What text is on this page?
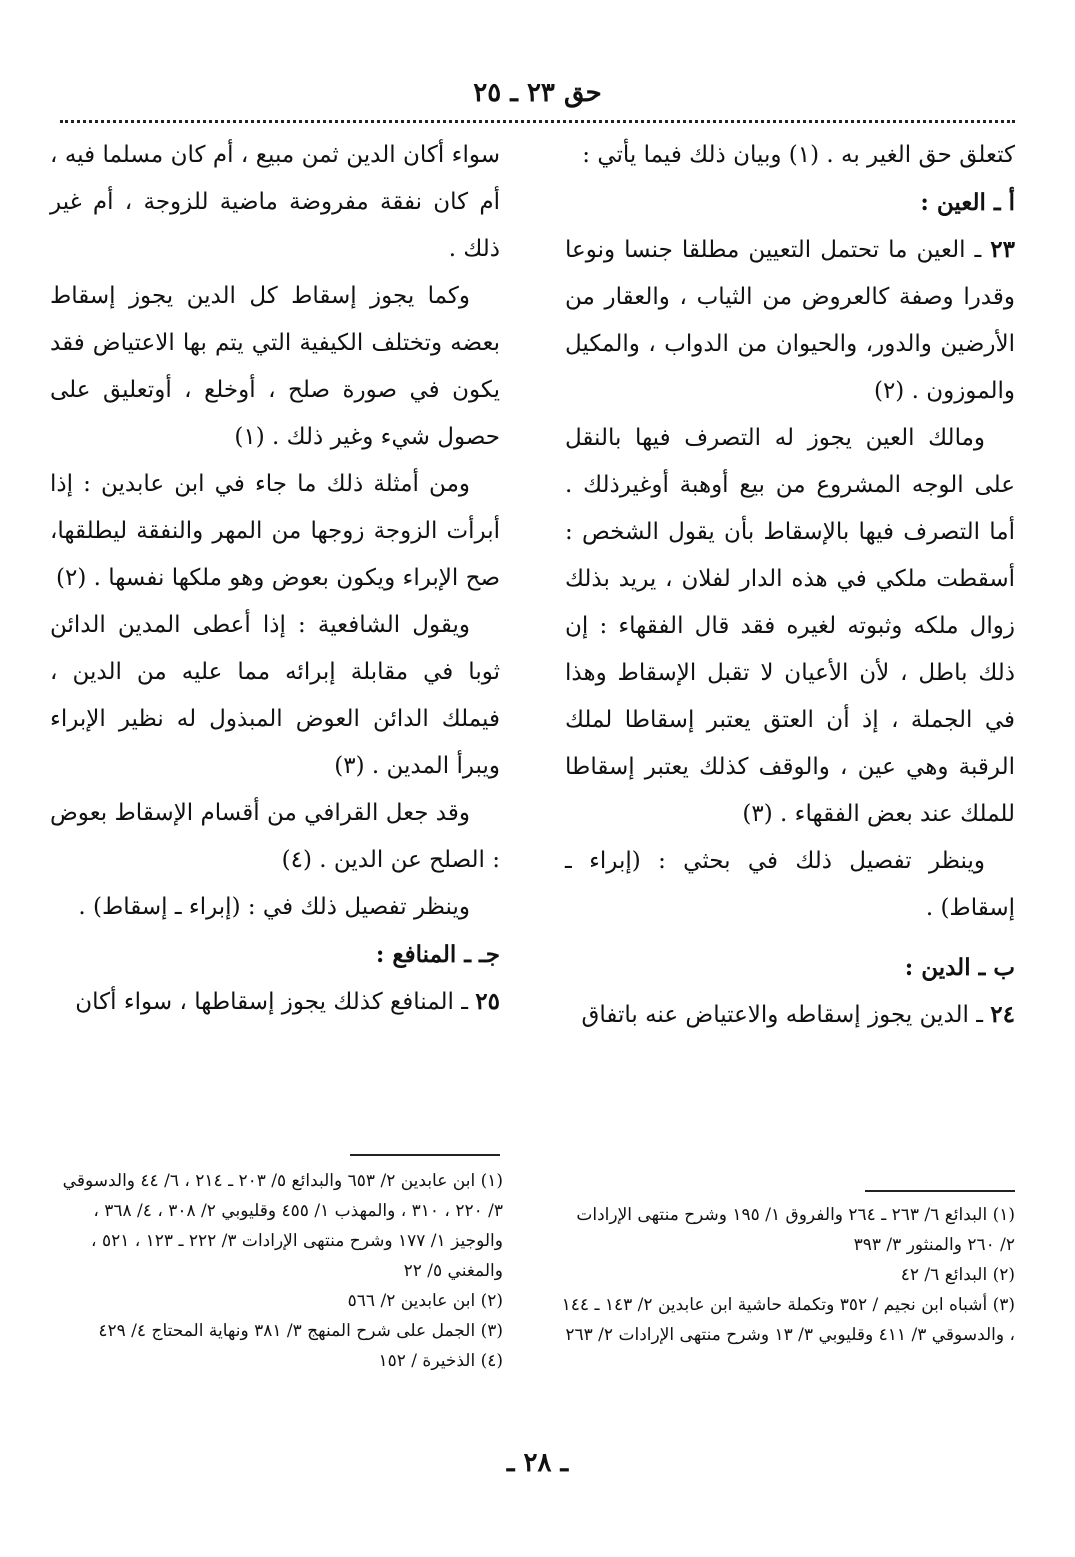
حق ٢٣ ـ ٢٥

كتعلق حق الغير به . (١) وبيان ذلك فيما يأتي :

أ ـ العين :

٢٣ ـ العين ما تحتمل التعيين مطلقا جنسا ونوعا وقدرا وصفة كالعروض من الثياب ، والعقار من الأرضين والدور، والحيوان من الدواب ، والمكيل والموزون . (٢)

ومالك العين يجوز له التصرف فيها بالنقل على الوجه المشروع من بيع أوهبة أوغيرذلك . أما التصرف فيها بالإسقاط بأن يقول الشخص : أسقطت ملكي في هذه الدار لفلان ، يريد بذلك زوال ملكه وثبوته لغيره فقد قال الفقهاء : إن ذلك باطل ، لأن الأعيان لا تقبل الإسقاط وهذا في الجملة ، إذ أن العتق يعتبر إسقاطا لملك الرقبة وهي عين ، والوقف كذلك يعتبر إسقاطا للملك عند بعض الفقهاء . (٣)

وينظر تفصيل ذلك في بحثي : (إبراء ـ إسقاط) .

ب ـ الدين :

٢٤ ـ الدين يجوز إسقاطه والاعتياض عنه باتفاق

سواء أكان الدين ثمن مبيع ، أم كان مسلما فيه ، أم كان نفقة مفروضة ماضية للزوجة ، أم غير ذلك .

وكما يجوز إسقاط كل الدين يجوز إسقاط بعضه وتختلف الكيفية التي يتم بها الاعتياض فقد يكون في صورة صلح ، أوخلع ، أوتعليق على حصول شيء وغير ذلك . (١)

ومن أمثلة ذلك ما جاء في ابن عابدين : إذا أبرأت الزوجة زوجها من المهر والنفقة ليطلقها، صح الإبراء ويكون بعوض وهو ملكها نفسها . (٢)

ويقول الشافعية : إذا أعطى المدين الدائن ثوبا في مقابلة إبرائه مما عليه من الدين ، فيملك الدائن العوض المبذول له نظير الإبراء ويبرأ المدين . (٣)

وقد جعل القرافي من أقسام الإسقاط بعوض : الصلح عن الدين . (٤)

وينظر تفصيل ذلك في : (إبراء ـ إسقاط) .

جـ ـ المنافع :

٢٥ ـ المنافع كذلك يجوز إسقاطها ، سواء أكان

(١) ابن عابدين ٢/ ٦٥٣ والبدائع ٥/ ٢٠٣ ـ ٢١٤ ، ٦/ ٤٤ والدسوقي ٣/ ٢٢٠ ، ٣١٠ ، والمهذب ١/ ٤٥٥ وقليوبي ٢/ ٣٠٨ ، ٤/ ٣٦٨ ، والوجيز ١/ ١٧٧ وشرح منتهى الإرادات ٣/ ٢٢٢ ـ ١٢٣ ، ٥٢١ ، والمغني ٥/ ٢٢

(٢) ابن عابدين ٢/ ٥٦٦

(٣) الجمل على شرح المنهج ٣/ ٣٨١ ونهاية المحتاج ٤/ ٤٢٩

(٤) الذخيرة / ١٥٢

(١) البدائع ٦/ ٢٦٣ ـ ٢٦٤ والفروق ١/ ١٩٥ وشرح منتهى الإرادات ٢/ ٢٦٠ والمنثور ٣/ ٣٩٣

(٢) البدائع ٦/ ٤٢

(٣) أشباه ابن نجيم / ٣٥٢ وتكملة حاشية ابن عابدين ٢/ ١٤٣ ـ ١٤٤ ، والدسوقي ٣/ ٤١١ وقليوبي ٣/ ١٣ وشرح منتهى الإرادات ٢/ ٢٦٣

ـ ٢٨ ـ
